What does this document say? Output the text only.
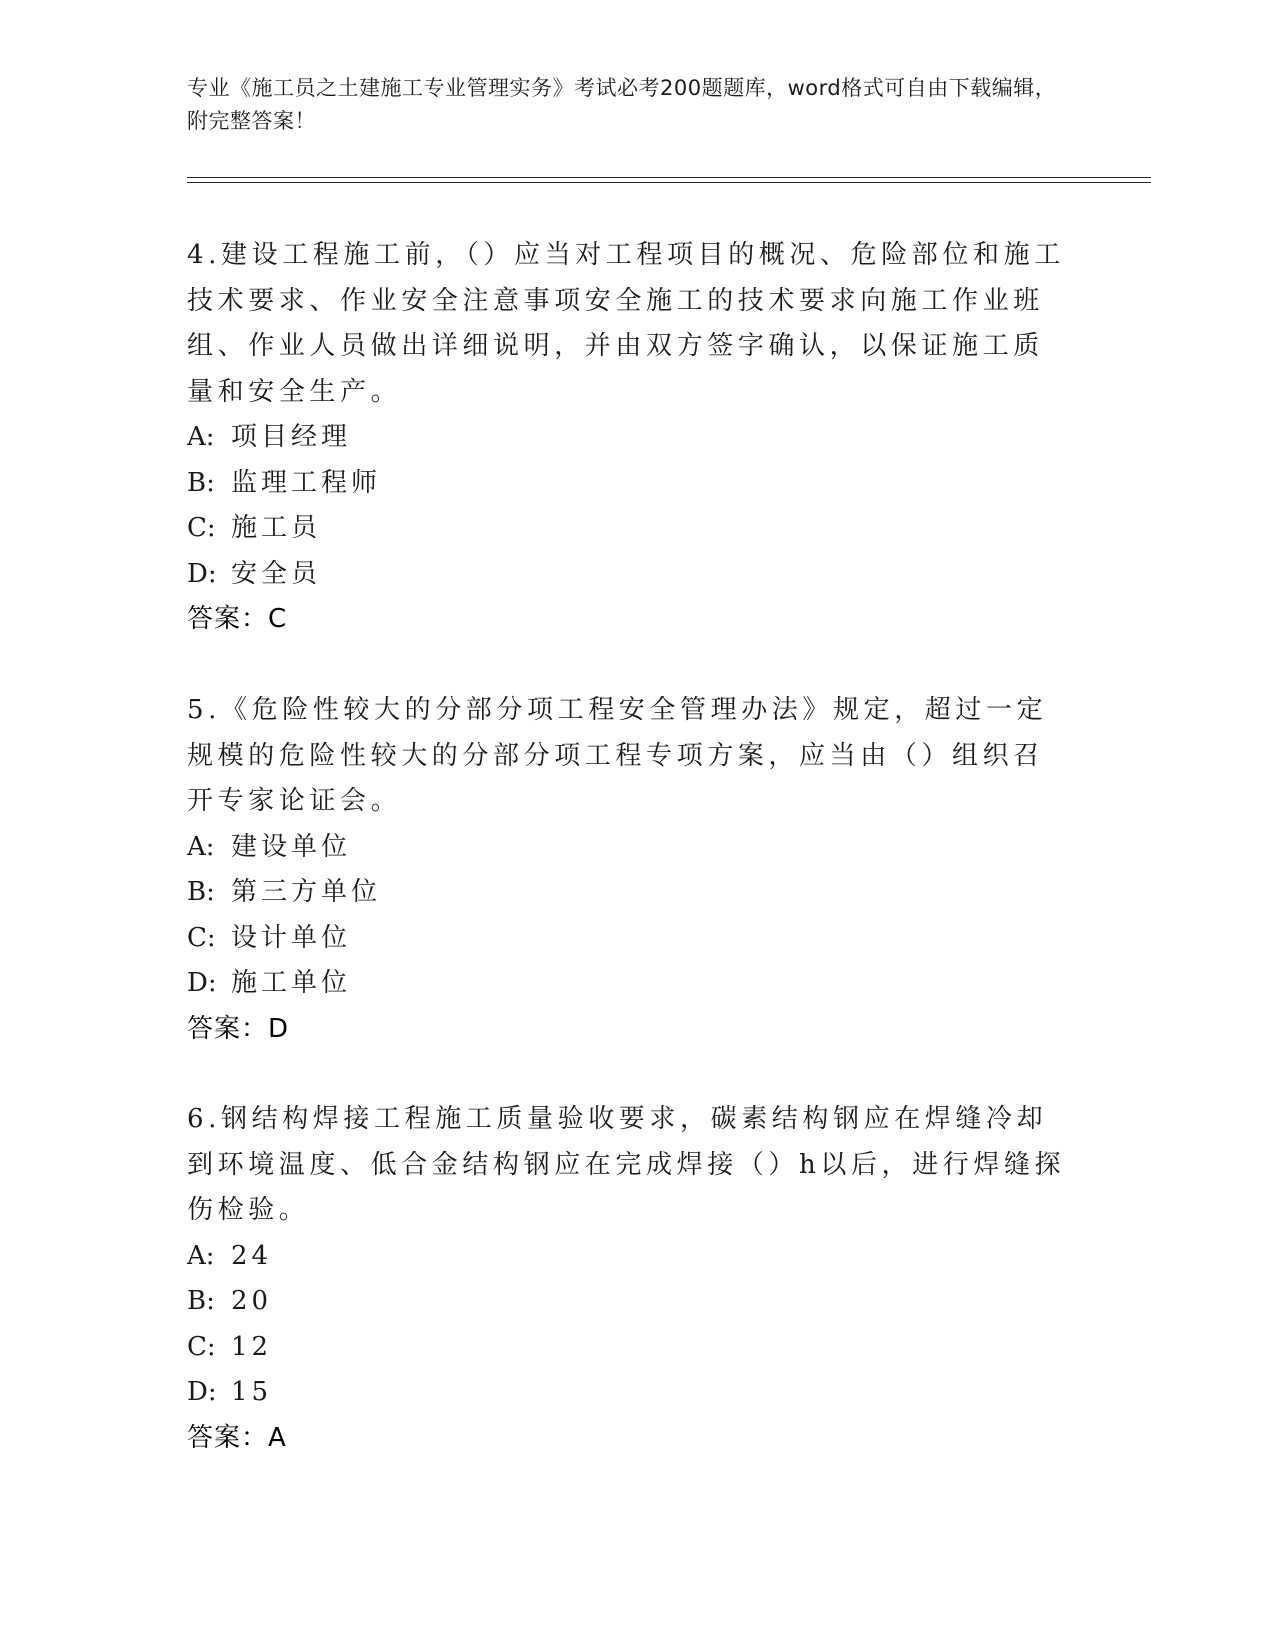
专业《施工员之土建施工专业管理实务》考试必考200题题库，word格式可自由下载编辑，附完整答案！

4.建设工程施工前，（）应当对工程项目的概况、危险部位和施工技术要求、作业安全注意事项安全施工的技术要求向施工作业班组、作业人员做出详细说明，并由双方签字确认，以保证施工质量和安全生产。

A: 项目经理
B: 监理工程师
C: 施工员
D: 安全员
答案：C

5.《危险性较大的分部分项工程安全管理办法》规定，超过一定规模的危险性较大的分部分项工程专项方案，应当由（）组织召开专家论证会。

A: 建设单位
B: 第三方单位
C: 设计单位
D: 施工单位
答案：D

6.钢结构焊接工程施工质量验收要求，碳素结构钢应在焊缝冷却到环境温度、低合金结构钢应在完成焊接（）h以后，进行焊缝探伤检验。

A: 24
B: 20
C: 12
D: 15
答案：A
